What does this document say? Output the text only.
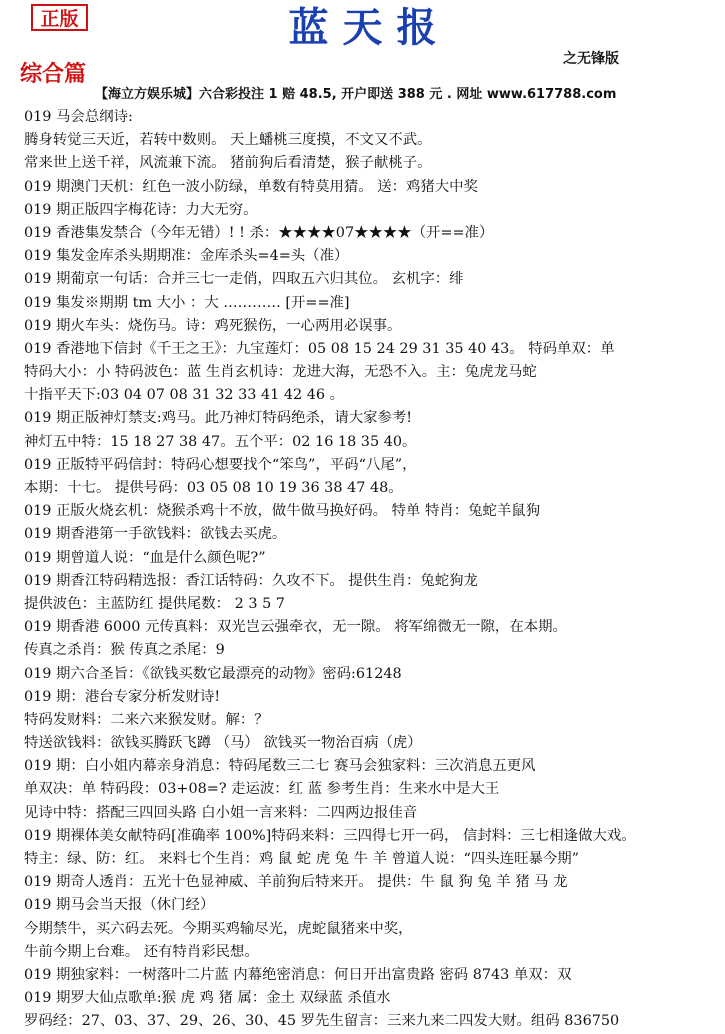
正版	蓝天报
之无锋版
综合篇
【海立方娱乐城】六合彩投注 1 赔 48.5, 开户即送 388 元 . 网址 www.617788.com
019 马会总纲诗:
腾身转觉三天近，若转中数则。 天上蟠桃三度摸，不文又不武。
常来世上送千祥，风流兼下流。 猪前狗后看清楚，猴子献桃子。
019 期澳门天机：红色一波小防绿，单数有特莫用猜。 送：鸡猪大中奖
019 期正版四字梅花诗：力大无穷。
019 香港集发禁合（今年无错）! ! 杀：★★★★07★★★★（开==准）
019 集发金库杀头期期准：金库杀头=4=头（准）
019 期葡京一句话：合并三七一走俏，四取五六归其位。 玄机字：绯
019 集发※期期 tm 大小 ：大 ………… [开==准]
019 期火车头：烧伤马。诗：鸡死猴伤，一心两用必误事。
019 香港地下信封《千王之王》：九宝莲灯：05 08 15 24 29 31 35 40 43。 特码单双：单
特码大小：小 特码波色：蓝 生肖玄机诗：龙进大海，无恐不入。主：兔虎龙马蛇
十指平天下:03 04 07 08 31 32 33 41 42 46 。
019 期正版神灯禁支:鸡马。此乃神灯特码绝杀，请大家参考!
神灯五中特：15 18 27 38 47。五个平：02 16 18 35 40。
019 正版特平码信封：特码心想要找个“笨鸟”，平码“八尾”，
本期：十七。 提供号码：03 05 08 10 19 36 38 47 48。
019 正版火烧玄机：烧猴杀鸡十不放，做牛做马换好码。 特单 特肖：兔蛇羊鼠狗
019 期香港第一手欲钱料：欲钱去买虎。
019 期曾道人说：“血是什么颜色呢?”
019 期香江特码精选报：香江话特码：久攻不下。 提供生肖：兔蛇狗龙
提供波色：主蓝防红 提供尾数： 2 3 5 7
019 期香港 6000 元传真料：双光岂云强牵衣，无一隙。 将军绵微无一隙，在本期。
传真之杀肖：猴 传真之杀尾：9
019 期六合圣旨：《欲钱买数它最漂亮的动物》密码:61248
019 期：港台专家分析发财诗!
特码发财料：二来六来猴发财。解：？
特送欲钱料：欲钱买腾跃飞蹲 （马） 欲钱买一物治百病（虎）
019 期：白小姐内幕亲身消息：特码尾数三二七 赛马会独家料：三次消息五更风
单双决：单 特码段：03+08=? 走运波：红 蓝 参考生肖：生来水中是大王
见诗中特：搭配三四回头路 白小姐一言来料：二四两边报佳音
019 期裸体美女献特码[准确率 100%]特码来料：三四得七开一码， 信封料：三七相逢做大戏。
特主：绿、防：红。 来料七个生肖：鸡 鼠 蛇 虎 兔 牛 羊 曾道人说：“四头连旺暴今期”
019 期奇人透肖：五光十色显神威、羊前狗后特来开。 提供：牛 鼠 狗 兔 羊 猪 马 龙
019 期马会当天报（休门经）
今期禁牛，买六码去死。今期买鸡输尽光，虎蛇鼠猪来中奖，
牛前今期上台难。 还有特肖彩民想。
019 期独家料：一树落叶二片蓝 内幕绝密消息：何日开出富贵路 密码 8743 单双：双
019 期罗大仙点歌单:猴 虎 鸡 猪 属：金土 双绿蓝 杀值水
罗码经：27、03、37、29、26、30、45 罗先生留言：三来九来二四发大财。组码 836750
